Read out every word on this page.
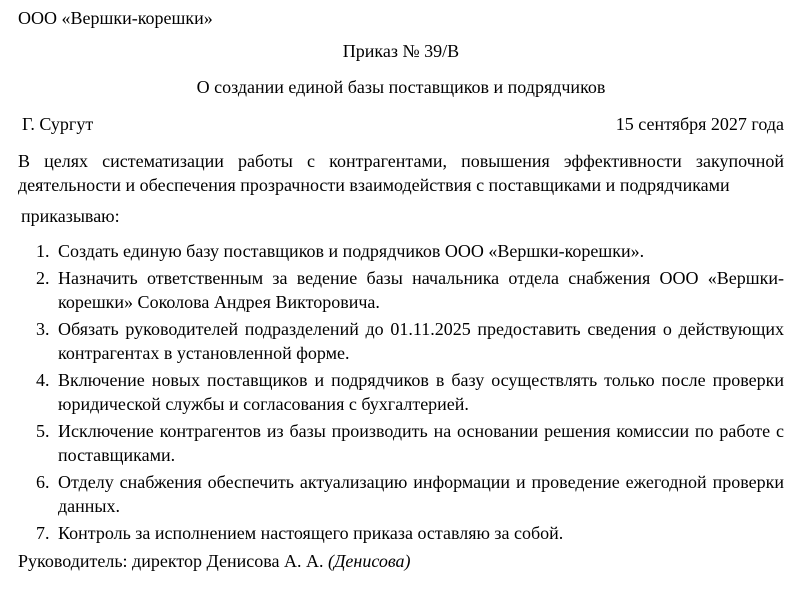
ООО «Вершки-корешки»
Приказ № 39/В
О создании единой базы поставщиков и подрядчиков
Г. Сургут	15 сентября 2027 года
В целях систематизации работы с контрагентами, повышения эффективности закупочной деятельности и обеспечения прозрачности взаимодействия с поставщиками и подрядчиками
приказываю:
1. Создать единую базу поставщиков и подрядчиков ООО «Вершки-корешки».
2. Назначить ответственным за ведение базы начальника отдела снабжения ООО «Вершки-корешки» Соколова Андрея Викторовича.
3. Обязать руководителей подразделений до 01.11.2025 предоставить сведения о действующих контрагентах в установленной форме.
4. Включение новых поставщиков и подрядчиков в базу осуществлять только после проверки юридической службы и согласования с бухгалтерией.
5. Исключение контрагентов из базы производить на основании решения комиссии по работе с поставщиками.
6. Отделу снабжения обеспечить актуализацию информации и проведение ежегодной проверки данных.
7. Контроль за исполнением настоящего приказа оставляю за собой.
Руководитель: директор Денисова А. А. (Денисова)
